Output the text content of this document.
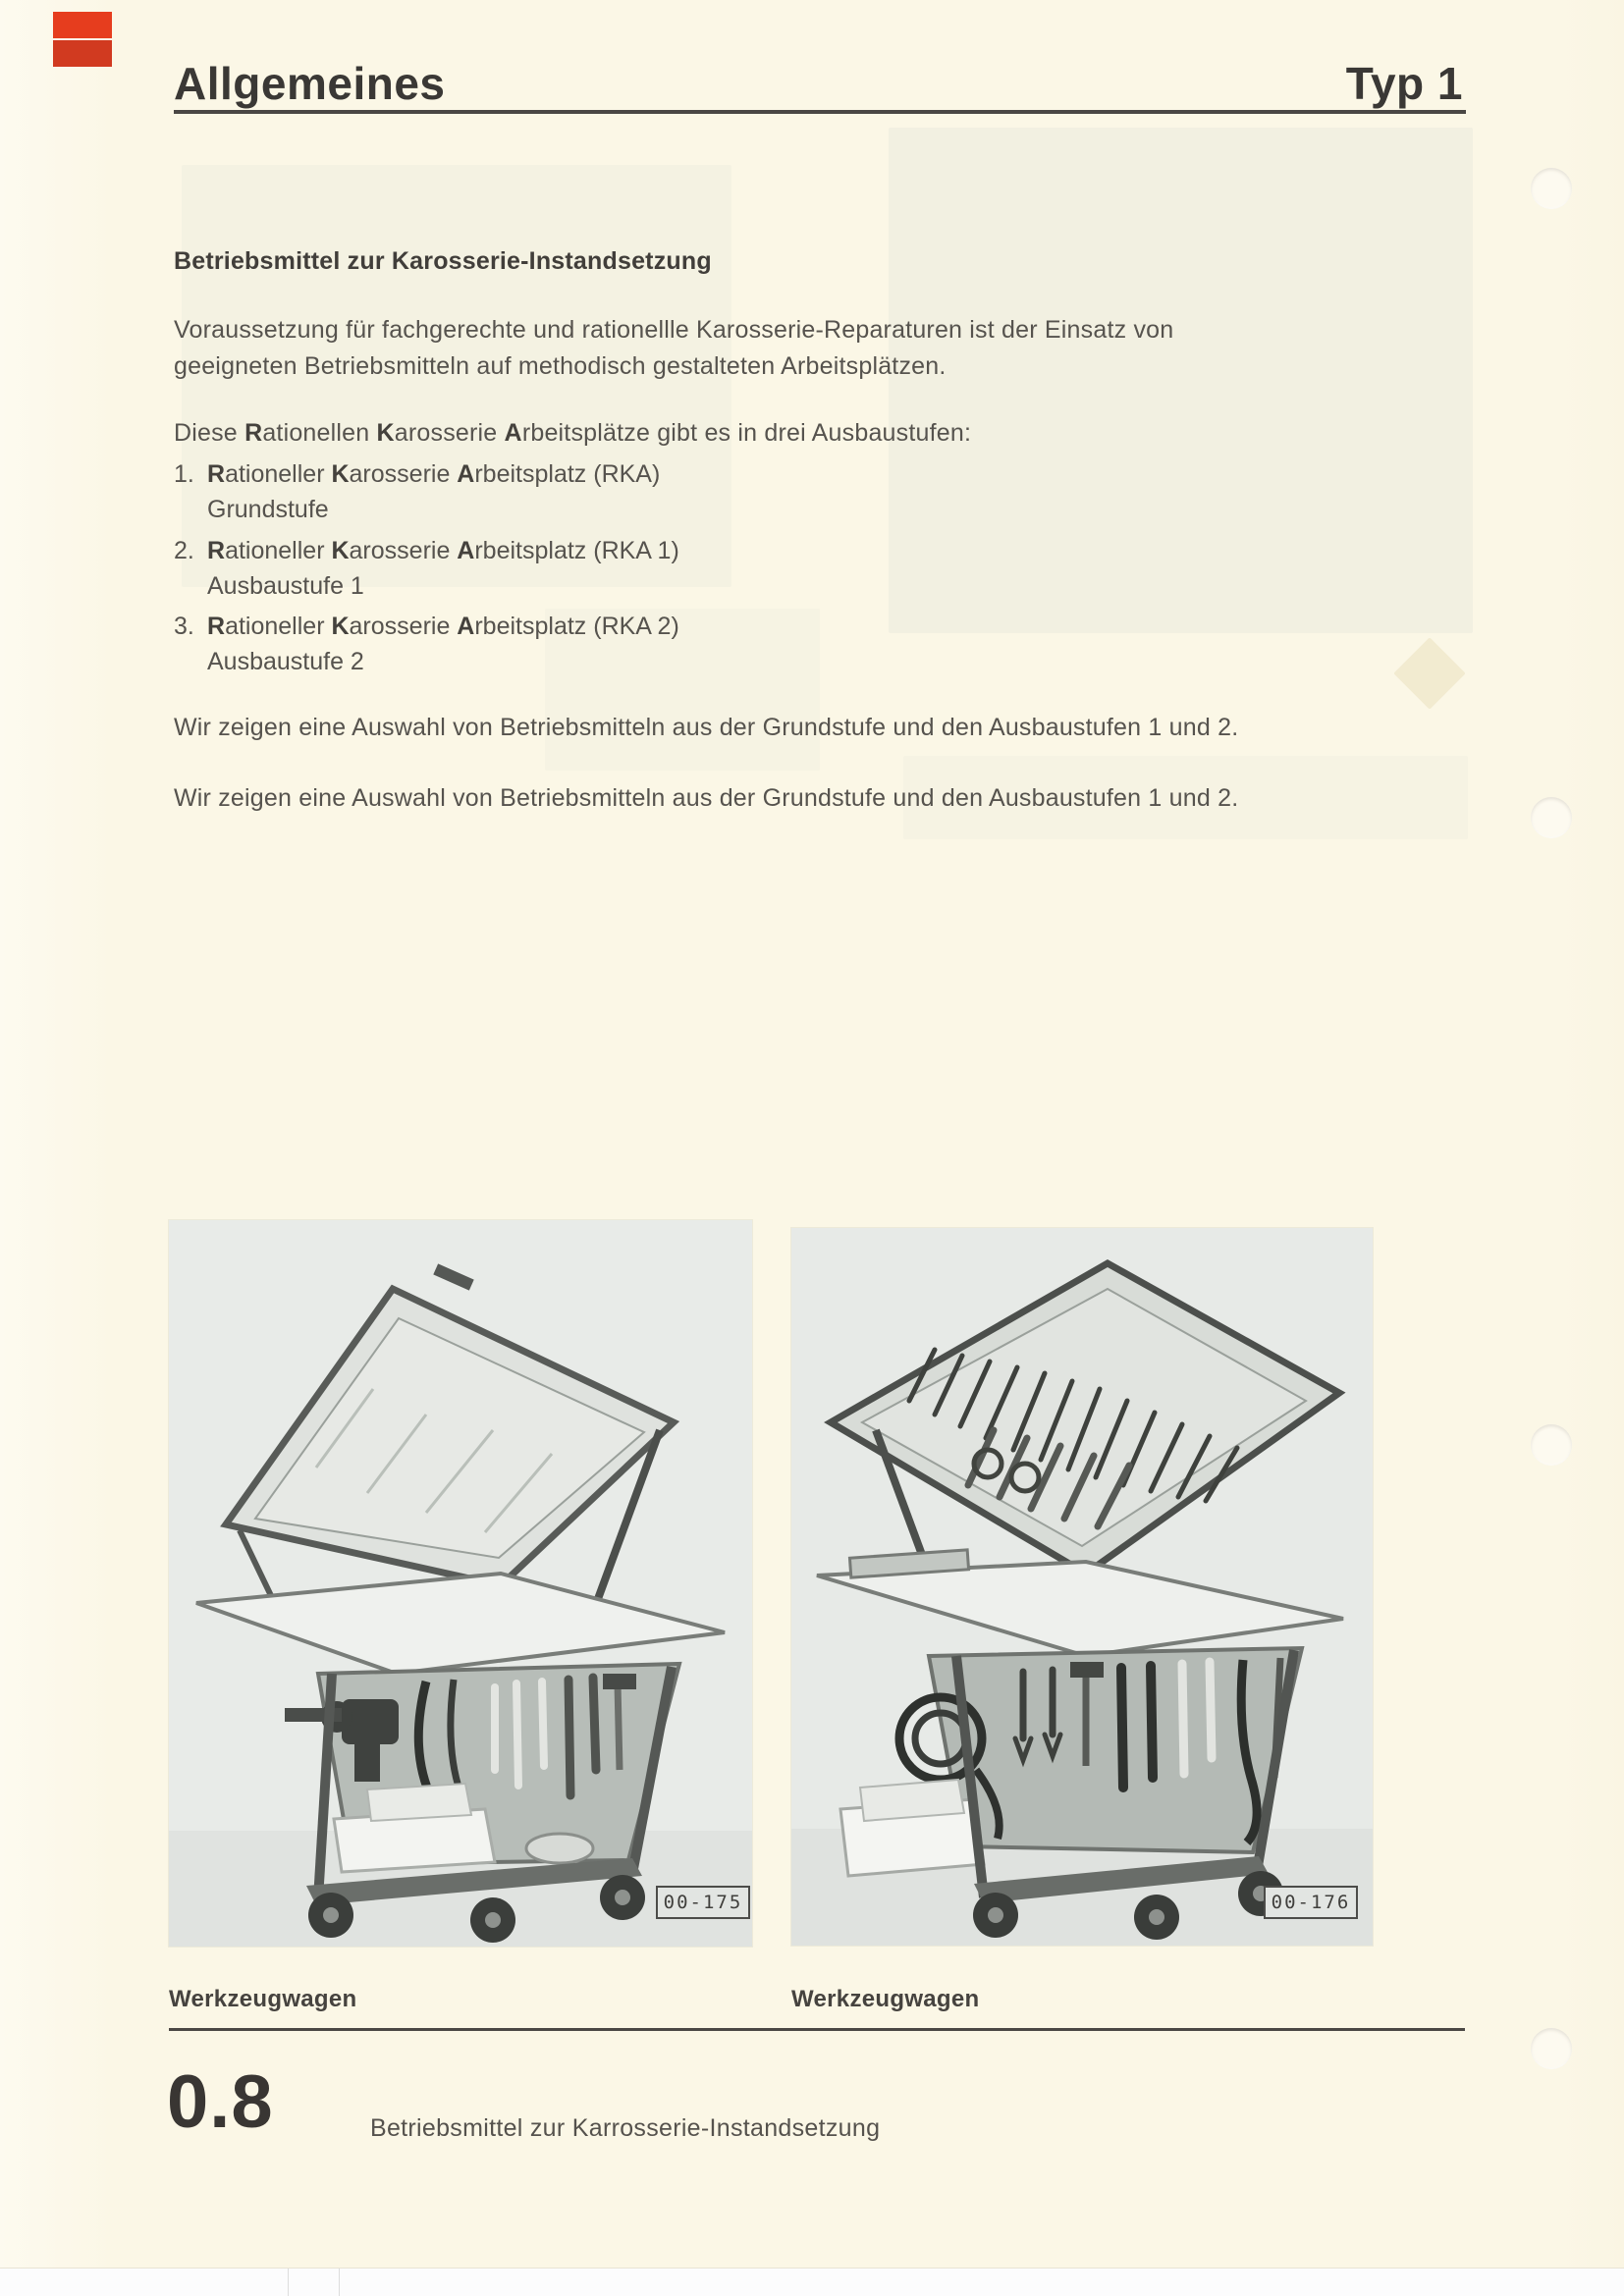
Allgemeines	Typ 1
Betriebsmittel zur Karosserie-Instandsetzung
Voraussetzung für fachgerechte und rationellle Karosserie-Reparaturen ist der Einsatz von
geeigneten Betriebsmitteln auf methodisch gestalteten Arbeitsplätzen.
Diese Rationellen Karosserie Arbeitsplätze gibt es in drei Ausbaustufen:
1. Rationeller Karosserie Arbeitsplatz (RKA)
Grundstufe
2. Rationeller Karosserie Arbeitsplatz (RKA 1)
Ausbaustufe 1
3. Rationeller Karosserie Arbeitsplatz (RKA 2)
Ausbaustufe 2
Wir zeigen eine Auswahl von Betriebsmitteln aus der Grundstufe und den Ausbaustufen 1 und 2.
Wir zeigen eine Auswahl von Betriebsmitteln aus der Grundstufe und den Ausbaustufen 1 und 2.
00-175	00-176
Werkzeugwagen	Werkzeugwagen
0.8	Betriebsmittel zur Karrosserie-Instandsetzung
